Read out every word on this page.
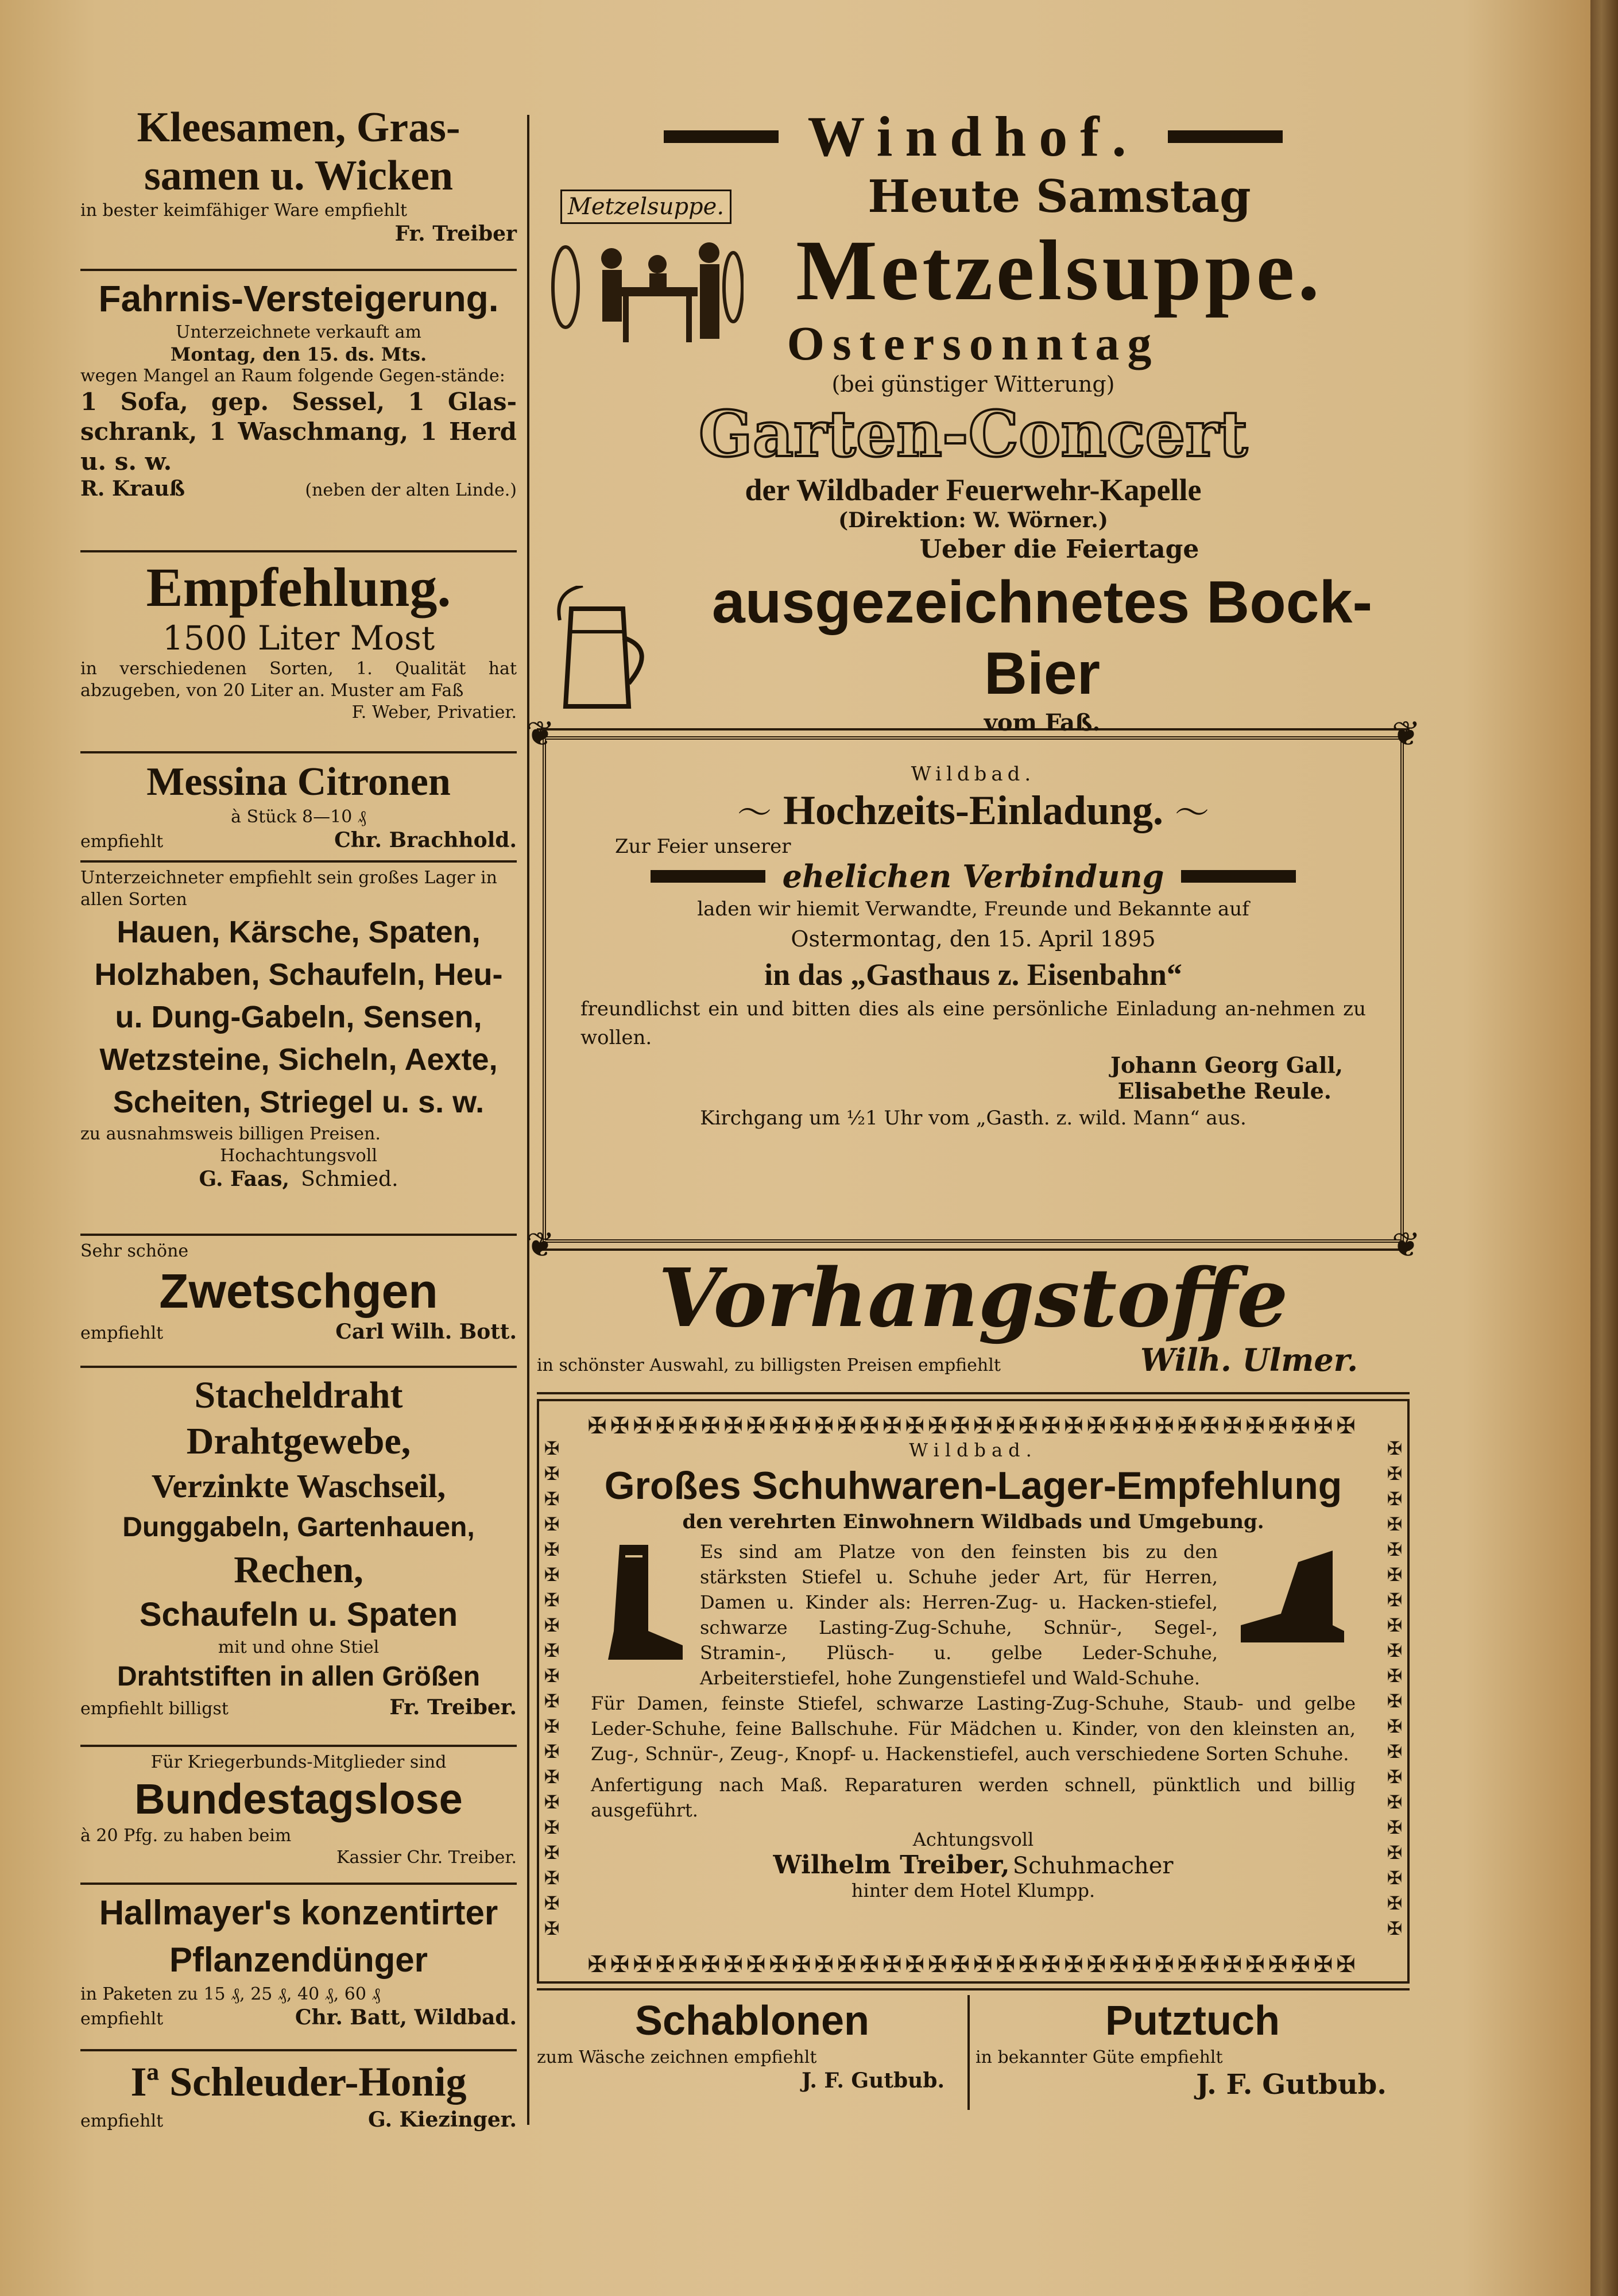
Kleesamen, Gras-samen u. Wicken
in bester keimfähiger Ware empfiehlt
Fr. Treiber
Fahrnis-Versteigerung.
Unterzeichnete verkauft am
Montag, den 15. ds. Mts.
wegen Mangel an Raum folgende Gegen-stände:
1 Sofa, gep. Sessel, 1 Glas-schrank, 1 Waschmang, 1 Herd u. s. w.
R. Krauß	(neben der alten Linde.)
Empfehlung.
1500 Liter Most
in verschiedenen Sorten, 1. Qualität hat abzugeben, von 20 Liter an. Muster am Faß
F. Weber, Privatier.
Messina Citronen
à Stück 8—10 ₰
empfiehlt	Chr. Brachhold.
Unterzeichneter empfiehlt sein großes Lager in allen Sorten
Hauen, Kärsche, Spaten, Holzhaben, Schaufeln, Heu- u. Dung-Gabeln, Sensen, Wetzsteine, Sicheln, Aexte, Scheiten, Striegel u. s. w.
zu ausnahmsweis billigen Preisen.
Hochachtungsvoll
G. Faas, Schmied.
Sehr schöne
Zwetschgen
empfiehlt	Carl Wilh. Bott.
Stacheldraht
Drahtgewebe,
Verzinkte Waschseil,
Dunggabeln, Gartenhauen,
Rechen,
Schaufeln u. Spaten
mit und ohne Stiel
Drahtstiften in allen Größen
empfiehlt billigst	Fr. Treiber.
Für Kriegerbunds-Mitglieder sind
Bundestagslose
à 20 Pfg. zu haben beim
Kassier Chr. Treiber.
Hallmayer's konzentirter Pflanzendünger
in Paketen zu 15 ₰, 25 ₰, 40 ₰, 60 ₰
empfiehlt	Chr. Batt, Wildbad.
Iª Schleuder-Honig
empfiehlt	G. Kiezinger.
Windhof.
Metzelsuppe.	Heute Samstag
Metzelsuppe.
Ostersonntag
(bei günstiger Witterung)
Garten-Concert
der Wildbader Feuerwehr-Kapelle
(Direktion: W. Wörner.)
Ueber die Feiertage
ausgezeichnetes Bock-Bier
vom Faß.
❦	❦
❦	❦
Wildbad.
〜 Hochzeits-Einladung. 〜
Zur Feier unserer
ehelichen Verbindung
laden wir hiemit Verwandte, Freunde und Bekannte auf
Ostermontag, den 15. April 1895
in das „Gasthaus z. Eisenbahn“
freundlichst ein und bitten dies als eine persönliche Einladung an-nehmen zu wollen.
Johann Georg Gall,
Elisabethe Reule.
Kirchgang um ½1 Uhr vom „Gasth. z. wild. Mann“ aus.
Vorhangstoffe
in schönster Auswahl, zu billigsten Preisen empfiehlt	Wilh. Ulmer.
✠✠✠✠✠✠✠✠✠✠✠✠✠✠✠✠✠✠✠✠✠✠✠✠✠✠✠✠✠✠✠✠✠✠
✠
✠
✠
✠
✠
✠
✠
✠
✠
✠
✠
✠
✠
✠
✠
✠
✠
✠
✠
✠
✠
✠
✠
✠
✠
✠
✠
✠
✠
✠
✠
✠
✠
✠
✠
✠
✠
✠
✠
✠
Wildbad.
Großes Schuhwaren-Lager-Empfehlung
den verehrten Einwohnern Wildbads und Umgebung.
Es sind am Platze von den feinsten bis zu den stärksten Stiefel u. Schuhe jeder Art, für Herren, Damen u. Kinder als: Herren-Zug- u. Hacken-stiefel, schwarze Lasting-Zug-Schuhe, Schnür-, Segel-, Stramin-, Plüsch- u. gelbe Leder-Schuhe, Arbeiterstiefel, hohe Zungenstiefel und Wald-Schuhe.
Für Damen, feinste Stiefel, schwarze Lasting-Zug-Schuhe, Staub- und gelbe Leder-Schuhe, feine Ballschuhe. Für Mädchen u. Kinder, von den kleinsten an, Zug-, Schnür-, Zeug-, Knopf- u. Hackenstiefel, auch verschiedene Sorten Schuhe.
Anfertigung nach Maß. Reparaturen werden schnell, pünktlich und billig ausgeführt.
Achtungsvoll
Wilhelm Treiber, Schuhmacher
hinter dem Hotel Klumpp.
✠✠✠✠✠✠✠✠✠✠✠✠✠✠✠✠✠✠✠✠✠✠✠✠✠✠✠✠✠✠✠✠✠✠
Schablonen
zum Wäsche zeichnen empfiehlt
J. F. Gutbub.
Putztuch
in bekannter Güte empfiehlt
J. F. Gutbub.
